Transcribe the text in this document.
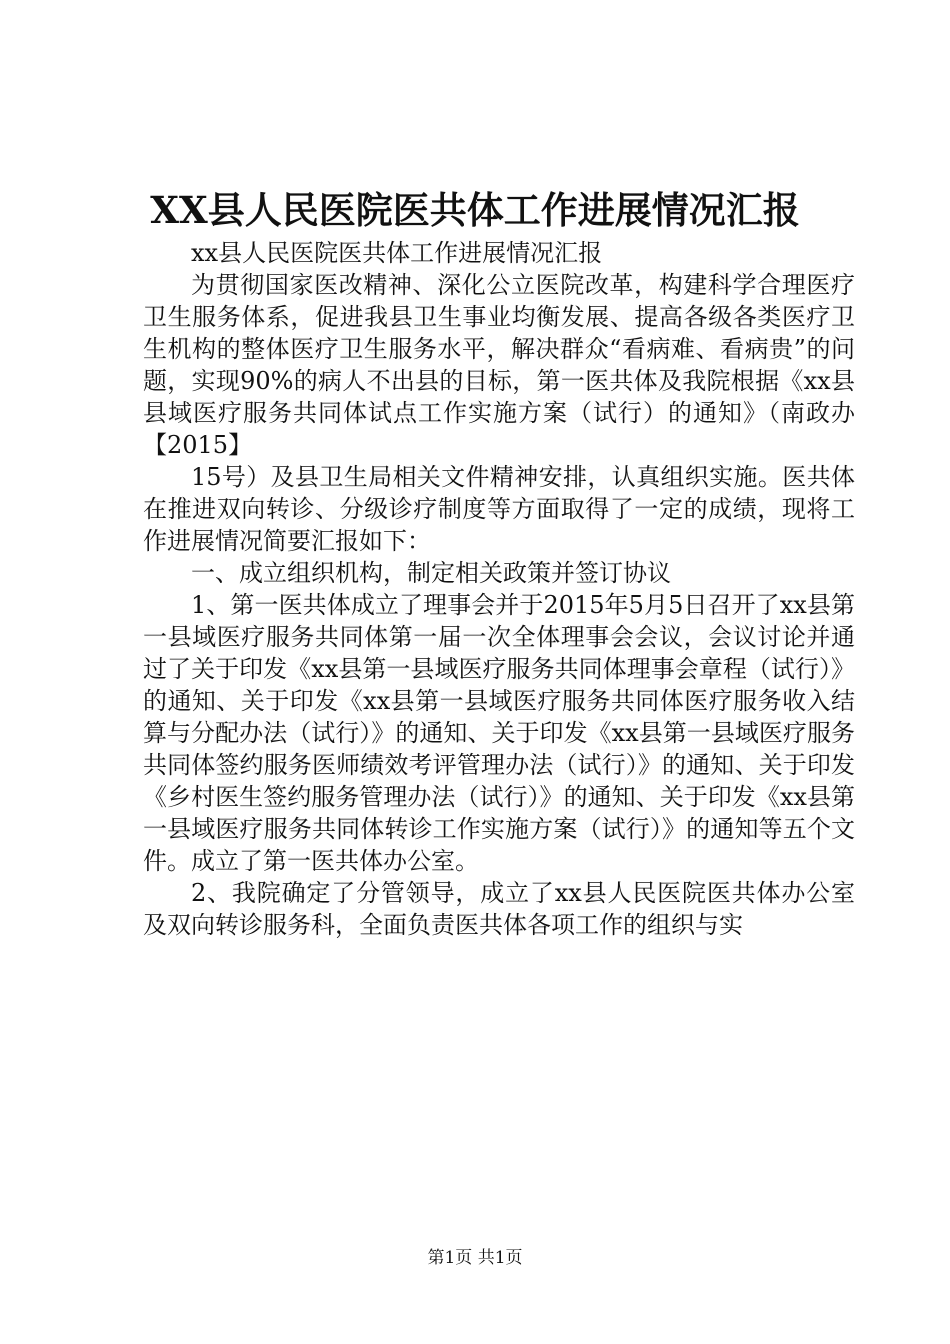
XX县人民医院医共体工作进展情况汇报

xx县人民医院医共体工作进展情况汇报

为贯彻国家医改精神、深化公立医院改革，构建科学合理医疗卫生服务体系，促进我县卫生事业均衡发展、提高各级各类医疗卫生机构的整体医疗卫生服务水平，解决群众“看病难、看病贵”的问题，实现90%的病人不出县的目标，第一医共体及我院根据《xx县县域医疗服务共同体试点工作实施方案（试行）的通知》（南政办【2015】

15号）及县卫生局相关文件精神安排，认真组织实施。医共体在推进双向转诊、分级诊疗制度等方面取得了一定的成绩，现将工作进展情况简要汇报如下：

一、成立组织机构，制定相关政策并签订协议

1、第一医共体成立了理事会并于2015年5月5日召开了xx县第一县域医疗服务共同体第一届一次全体理事会会议，会议讨论并通过了关于印发《xx县第一县域医疗服务共同体理事会章程（试行）》的通知、关于印发《xx县第一县域医疗服务共同体医疗服务收入结算与分配办法（试行）》的通知、关于印发《xx县第一县域医疗服务共同体签约服务医师绩效考评管理办法（试行）》的通知、关于印发《乡村医生签约服务管理办法（试行）》的通知、关于印发《xx县第一县域医疗服务共同体转诊工作实施方案（试行）》的通知等五个文件。成立了第一医共体办公室。

2、我院确定了分管领导，成立了xx县人民医院医共体办公室及双向转诊服务科，全面负责医共体各项工作的组织与实

第1页 共1页
